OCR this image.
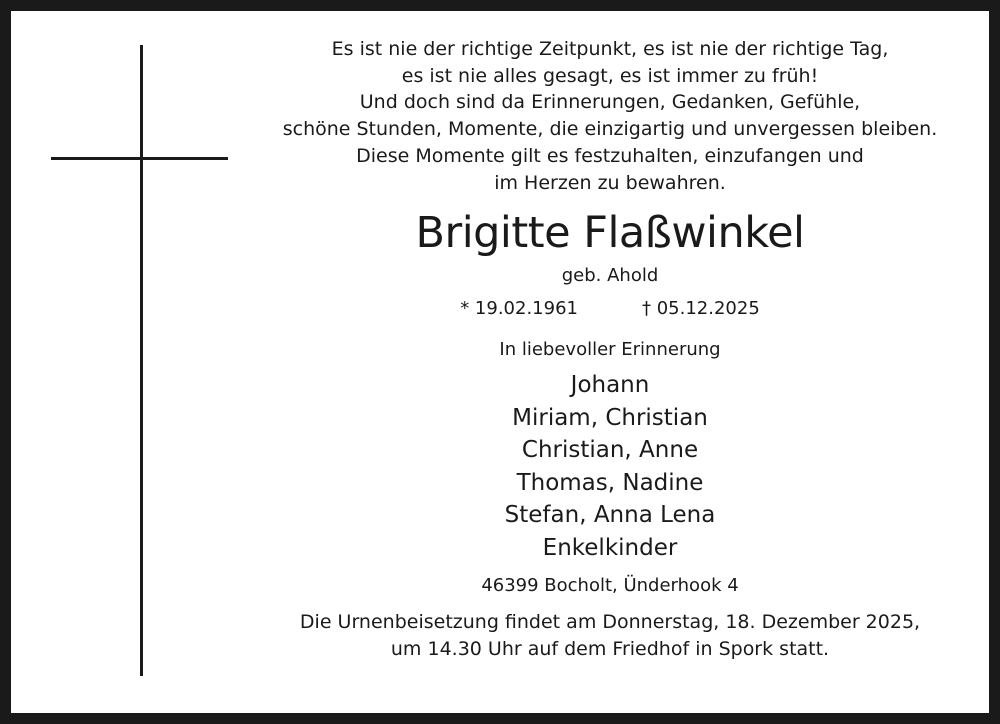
Es ist nie der richtige Zeitpunkt, es ist nie der richtige Tag,
es ist nie alles gesagt, es ist immer zu früh!
Und doch sind da Erinnerungen, Gedanken, Gefühle,
schöne Stunden, Momente, die einzigartig und unvergessen bleiben.
Diese Momente gilt es festzuhalten, einzufangen und
im Herzen zu bewahren.
Brigitte Flaßwinkel
geb. Ahold
* 19.02.1961	† 05.12.2025
In liebevoller Erinnerung
Johann
Miriam, Christian
Christian, Anne
Thomas, Nadine
Stefan, Anna Lena
Enkelkinder
46399 Bocholt, Ünderhook 4
Die Urnenbeisetzung findet am Donnerstag, 18. Dezember 2025,
um 14.30 Uhr auf dem Friedhof in Spork statt.
